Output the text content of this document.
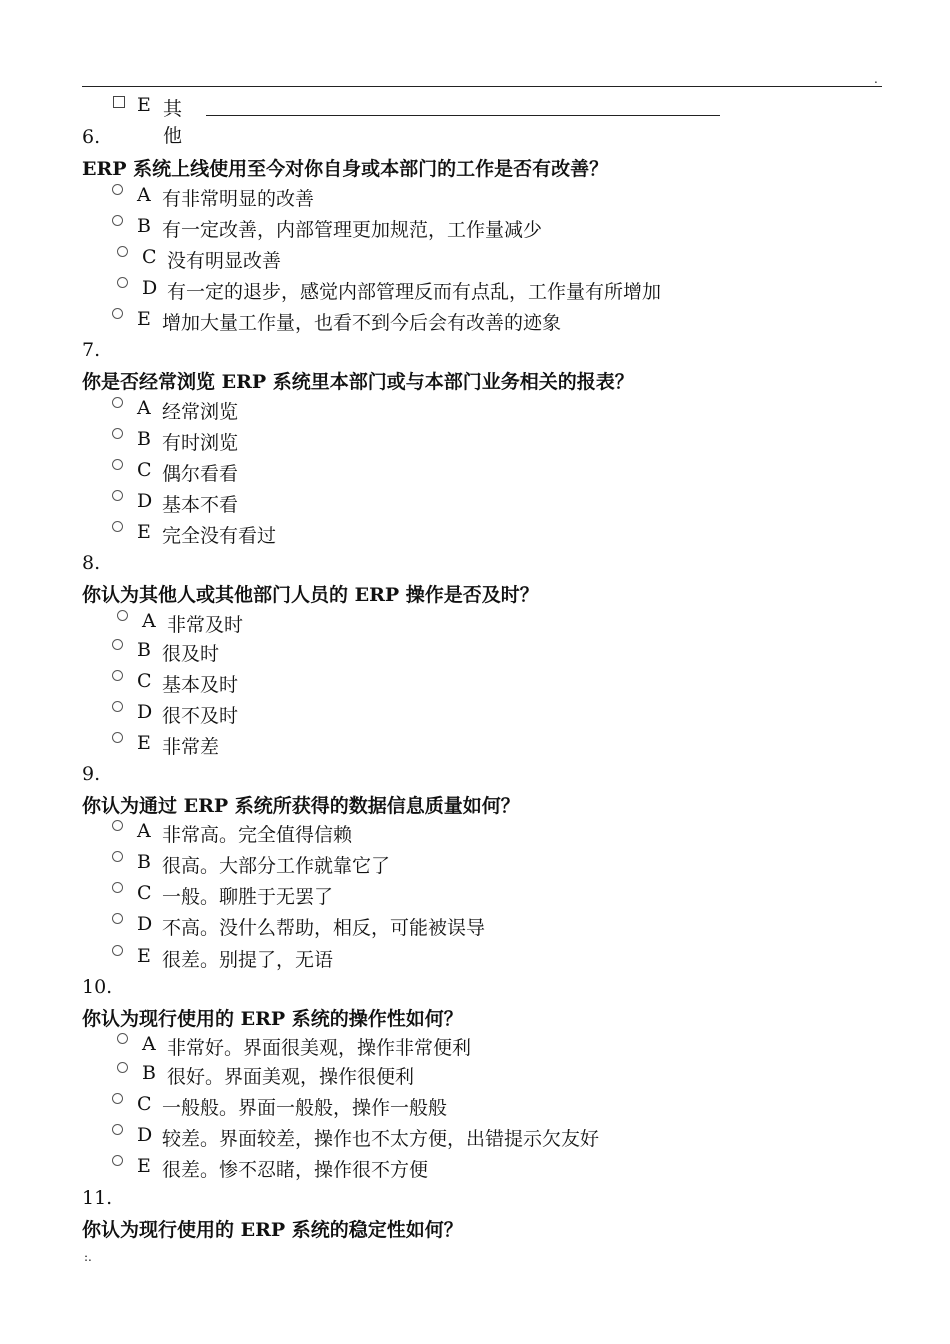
.
E 其他
6.
ERP 系统上线使用至今对你自身或本部门的工作是否有改善？
A 有非常明显的改善
B 有一定改善，内部管理更加规范，工作量减少
C 没有明显改善
D 有一定的退步，感觉内部管理反而有点乱，工作量有所增加
E 增加大量工作量，也看不到今后会有改善的迹象
7.
你是否经常浏览 ERP 系统里本部门或与本部门业务相关的报表？
A 经常浏览
B 有时浏览
C 偶尔看看
D 基本不看
E 完全没有看过
8.
你认为其他人或其他部门人员的 ERP 操作是否及时？
A 非常及时
B 很及时
C 基本及时
D 很不及时
E 非常差
9.
你认为通过 ERP 系统所获得的数据信息质量如何？
A 非常高。完全值得信赖
B 很高。大部分工作就靠它了
C 一般。聊胜于无罢了
D 不高。没什么帮助，相反，可能被误导
E 很差。别提了，无语
10.
你认为现行使用的 ERP 系统的操作性如何？
A 非常好。界面很美观，操作非常便利
B 很好。界面美观，操作很便利
C 一般般。界面一般般，操作一般般
D 较差。界面较差，操作也不太方便，出错提示欠友好
E 很差。惨不忍睹，操作很不方便
11.
你认为现行使用的 ERP 系统的稳定性如何？
:.
